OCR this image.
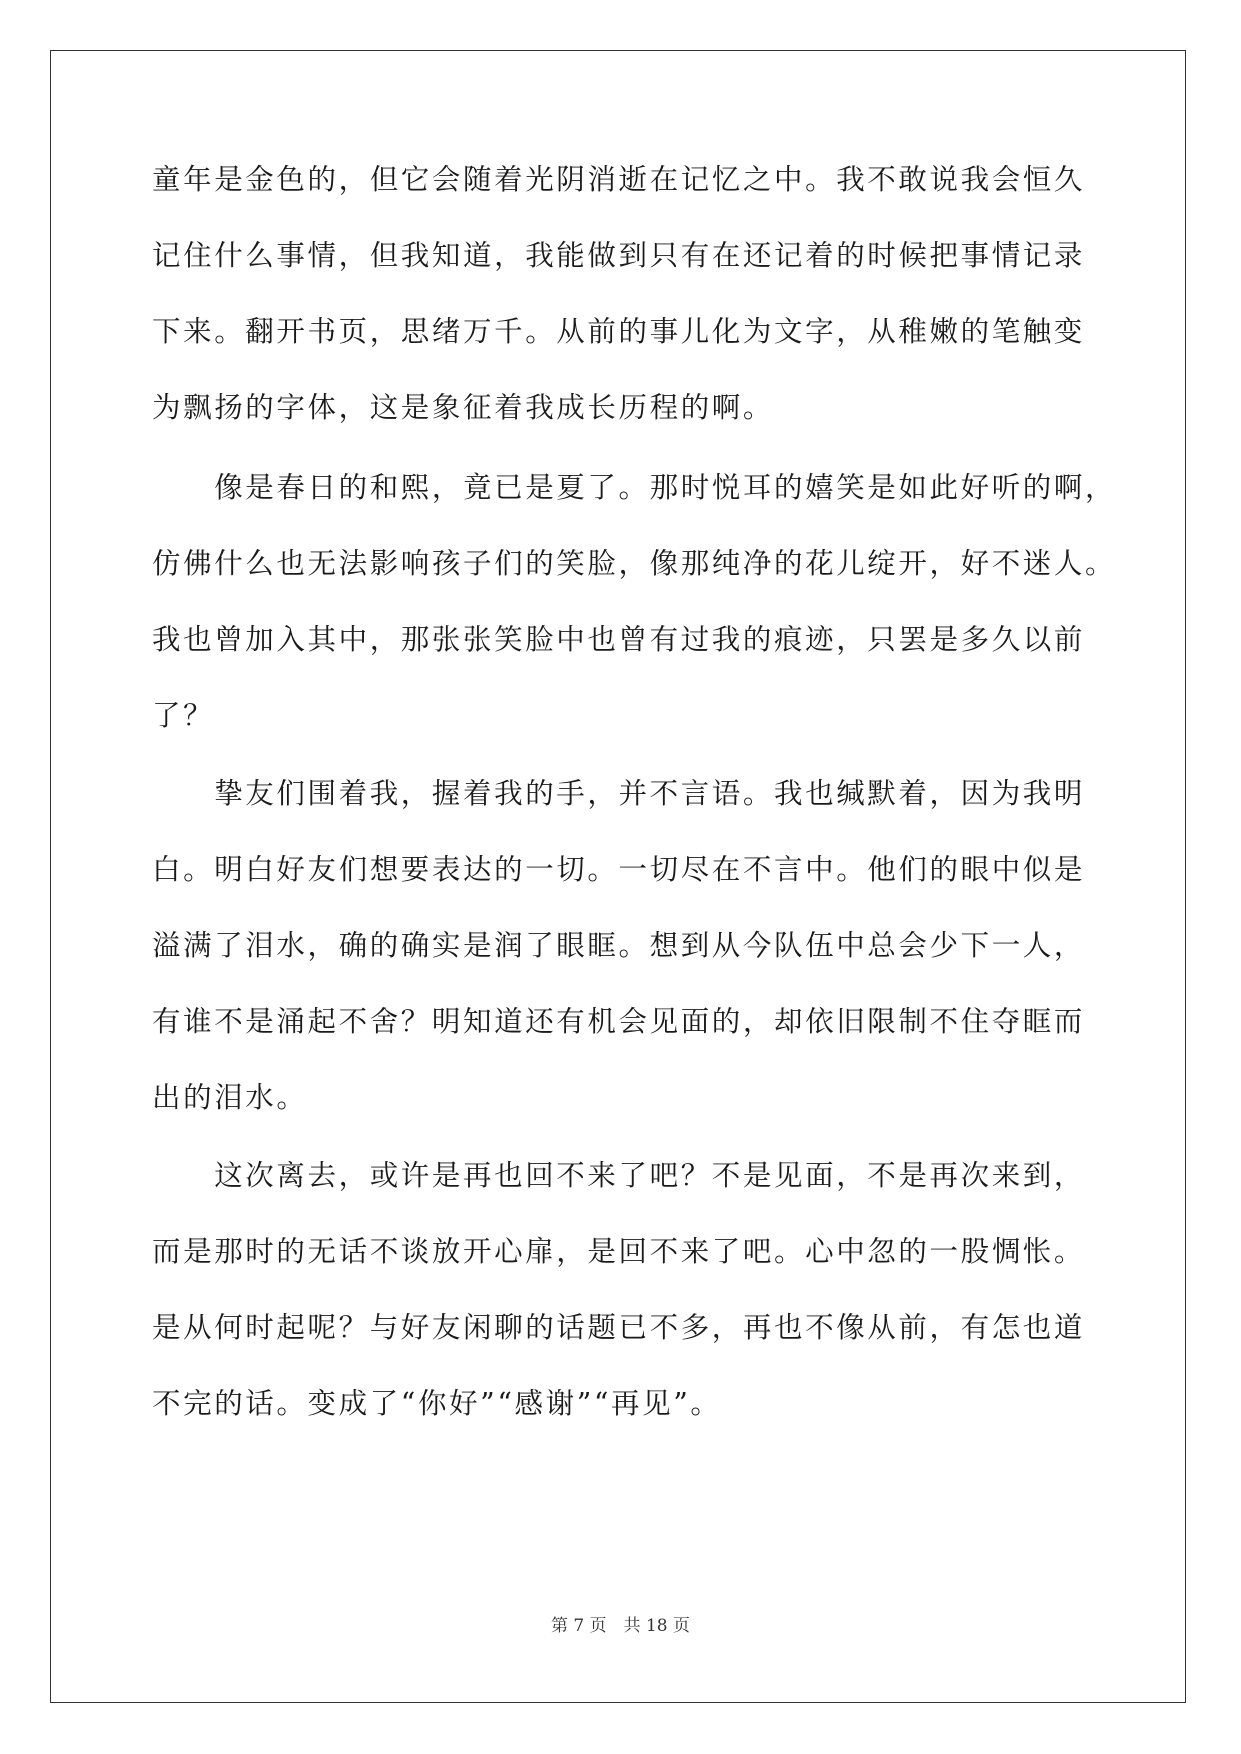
童年是金色的，但它会随着光阴消逝在记忆之中。我不敢说我会恒久
记住什么事情，但我知道，我能做到只有在还记着的时候把事情记录
下来。翻开书页，思绪万千。从前的事儿化为文字，从稚嫩的笔触变
为飘扬的字体，这是象征着我成长历程的啊。
　　像是春日的和熙，竟已是夏了。那时悦耳的嬉笑是如此好听的啊，
仿佛什么也无法影响孩子们的笑脸，像那纯净的花儿绽开，好不迷人。
我也曾加入其中，那张张笑脸中也曾有过我的痕迹，只罢是多久以前
了？
　　挚友们围着我，握着我的手，并不言语。我也缄默着，因为我明
白。明白好友们想要表达的一切。一切尽在不言中。他们的眼中似是
溢满了泪水，确的确实是润了眼眶。想到从今队伍中总会少下一人，
有谁不是涌起不舍？明知道还有机会见面的，却依旧限制不住夺眶而
出的泪水。
　　这次离去，或许是再也回不来了吧？不是见面，不是再次来到，
而是那时的无话不谈放开心扉，是回不来了吧。心中忽的一股惆怅。
是从何时起呢？与好友闲聊的话题已不多，再也不像从前，有怎也道
不完的话。变成了“你好”“感谢”“再见”。
第 7 页　共 18 页
